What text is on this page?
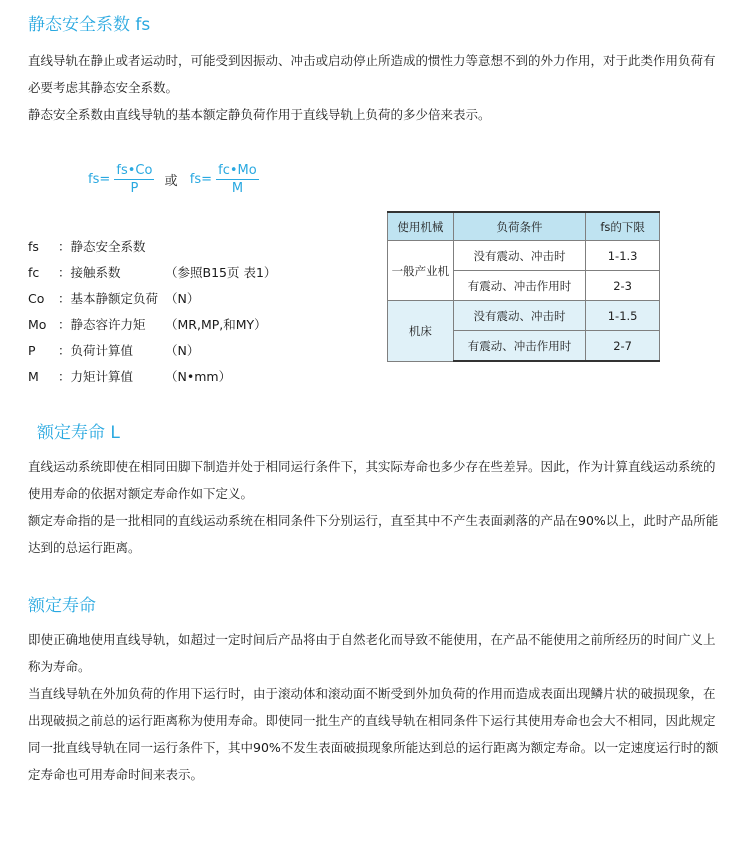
静态安全系数 fs

直线导轨在静止或者运动时，可能受到因振动、冲击或启动停止所造成的惯性力等意想不到的外力作用，对于此类作用负荷有必要考虑其静态安全系数。

静态安全系数由直线导轨的基本额定静负荷作用于直线导轨上负荷的多少倍来表示。

$fs= \frac{fs•Co}{P}$ 或 $fs= \frac{fc•Mo}{M}$
fs ：静态安全系数
fc ：接触系数	（参照B15页 表1）
Co ：基本静额定负荷 （N）
Mo ：静态容许力矩 （MR,MP,和MY）
P ：负荷计算值	（N）
M ：力矩计算值	（N•mm）
使用机械	负荷条件	fs的下限
一般产业机	没有震动、冲击时	1-1.3
	有震动、冲击作用时	2-3
机床	没有震动、冲击时	1-1.5
	有震动、冲击作用时	2-7
额定寿命 L

直线运动系统即使在相同田脚下制造并处于相同运行条件下，其实际寿命也多少存在些差异。因此，作为计算直线运动系统的使用寿命的依据对额定寿命作如下定义。

额定寿命指的是一批相同的直线运动系统在相同条件下分别运行，直至其中不产生表面剥落的产品在90%以上，此时产品所能达到的总运行距离。

额定寿命

即使正确地使用直线导轨，如超过一定时间后产品将由于自然老化而导致不能使用，在产品不能使用之前所经历的时间广义上称为寿命。

当直线导轨在外加负荷的作用下运行时，由于滚动体和滚动面不断受到外加负荷的作用而造成表面出现鳞片状的破损现象，在出现破损之前总的运行距离称为使用寿命。即使同一批生产的直线导轨在相同条件下运行其使用寿命也会大不相同，因此规定同一批直线导轨在同一运行条件下，其中90%不发生表面破损现象所能达到总的运行距离为额定寿命。以一定速度运行时的额定寿命也可用寿命时间来表示。
